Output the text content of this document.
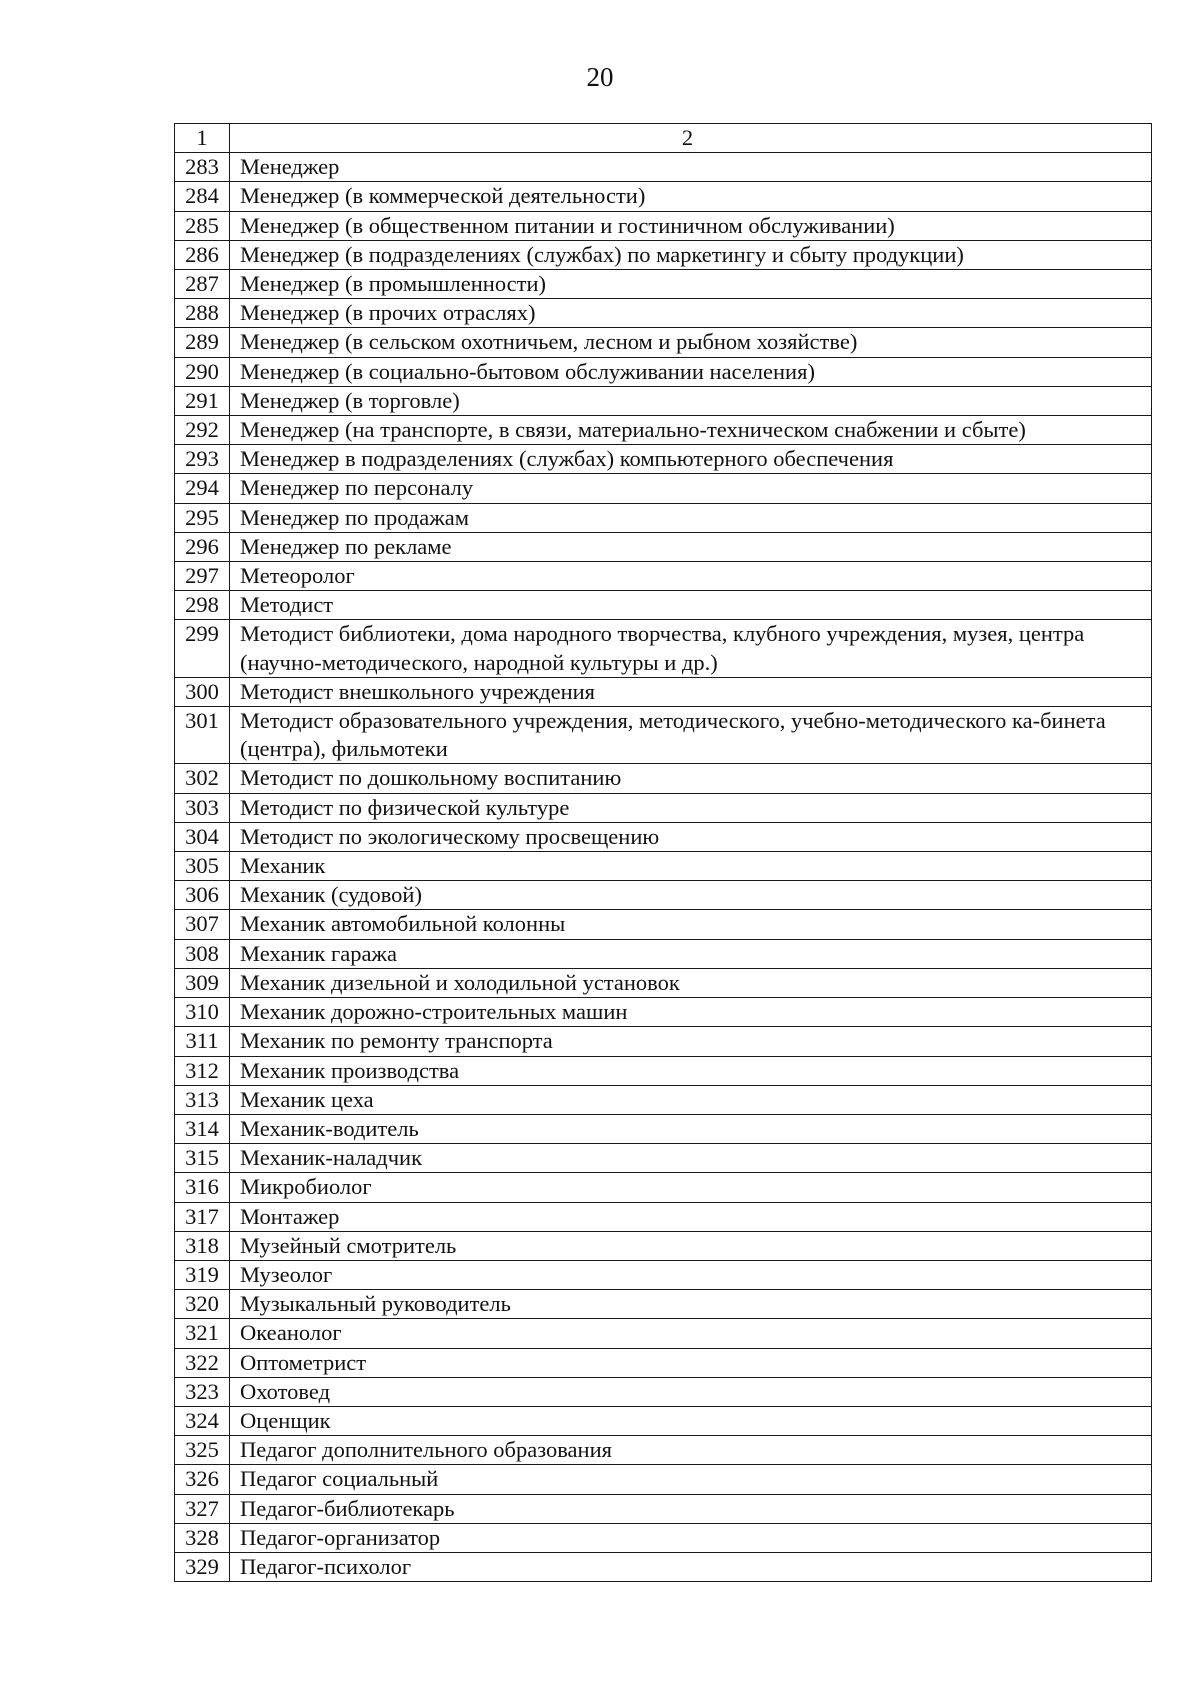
20
1	2
283	Менеджер
284	Менеджер (в коммерческой деятельности)
285	Менеджер (в общественном питании и гостиничном обслуживании)
286	Менеджер (в подразделениях (службах) по маркетингу и сбыту продукции)
287	Менеджер (в промышленности)
288	Менеджер (в прочих отраслях)
289	Менеджер (в сельском охотничьем, лесном и рыбном хозяйстве)
290	Менеджер (в социально-бытовом обслуживании населения)
291	Менеджер (в торговле)
292	Менеджер (на транспорте, в связи, материально-техническом снабжении и сбыте)
293	Менеджер в подразделениях (службах) компьютерного обеспечения
294	Менеджер по персоналу
295	Менеджер по продажам
296	Менеджер по рекламе
297	Метеоролог
298	Методист
299	Методист библиотеки, дома народного творчества, клубного учреждения, музея, центра (научно-методического, народной культуры и др.)
300	Методист внешкольного учреждения
301	Методист образовательного учреждения, методического, учебно-методического ка-бинета (центра), фильмотеки
302	Методист по дошкольному воспитанию
303	Методист по физической культуре
304	Методист по экологическому просвещению
305	Механик
306	Механик (судовой)
307	Механик автомобильной колонны
308	Механик гаража
309	Механик дизельной и холодильной установок
310	Механик дорожно-строительных машин
311	Механик по ремонту транспорта
312	Механик производства
313	Механик цеха
314	Механик-водитель
315	Механик-наладчик
316	Микробиолог
317	Монтажер
318	Музейный смотритель
319	Музеолог
320	Музыкальный руководитель
321	Океанолог
322	Оптометрист
323	Охотовед
324	Оценщик
325	Педагог дополнительного образования
326	Педагог социальный
327	Педагог-библиотекарь
328	Педагог-организатор
329	Педагог-психолог
